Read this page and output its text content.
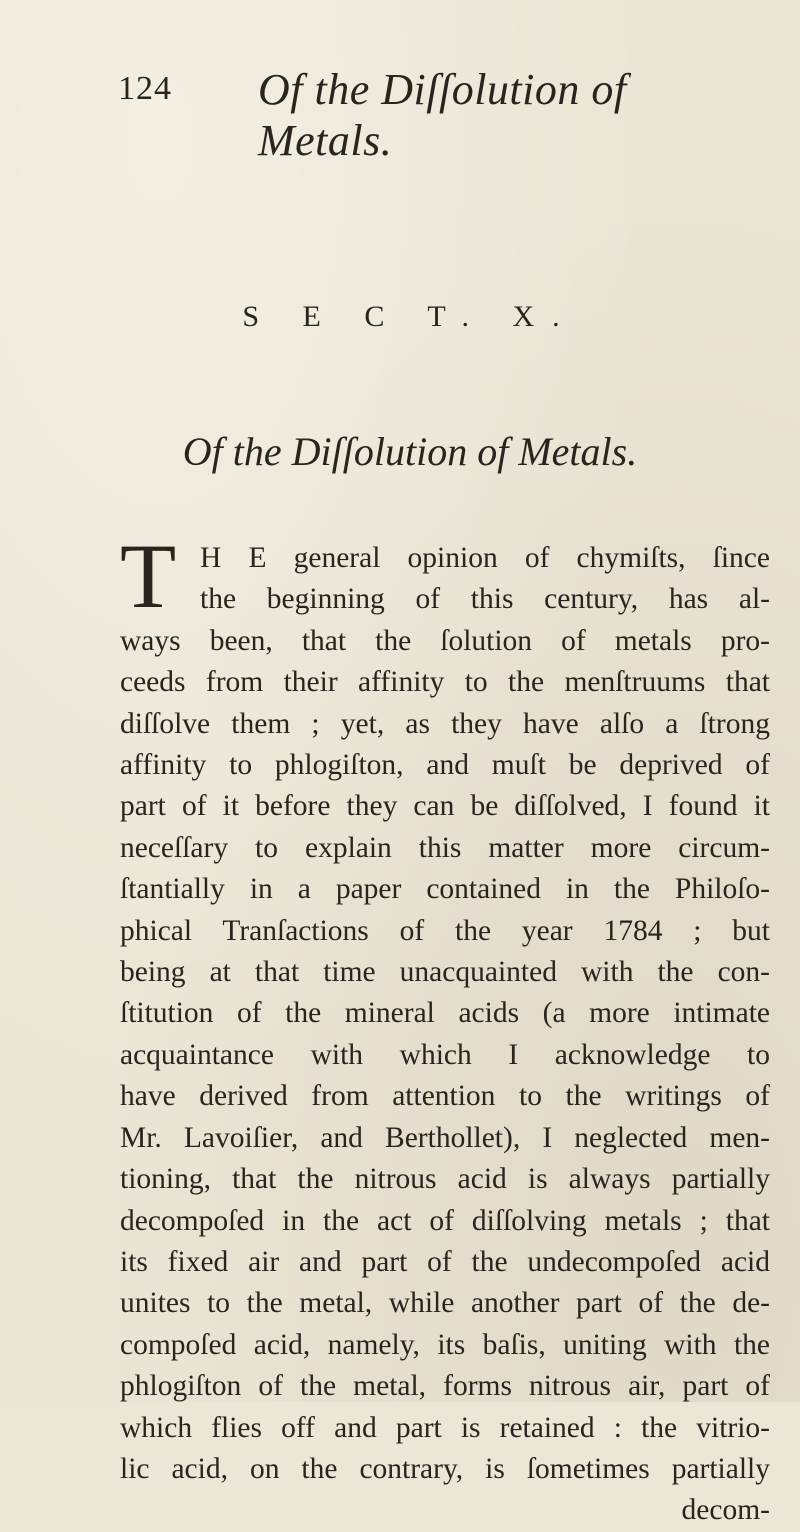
124 Of the Diſſolution of Metals.
S E C T. X.
Of the Diſſolution of Metals.
T H E general opinion of chymiſts, ſince
the beginning of this century, has al-
ways been, that the ſolution of metals pro-
ceeds from their affinity to the menſtruums that
diſſolve them ; yet, as they have alſo a ſtrong
affinity to phlogiſton, and muſt be deprived of
part of it before they can be diſſolved, I found it
neceſſary to explain this matter more circum-
ſtantially in a paper contained in the Philoſo-
phical Tranſactions of the year 1784 ; but
being at that time unacquainted with the con-
ſtitution of the mineral acids (a more intimate
acquaintance with which I acknowledge to
have derived from attention to the writings of
Mr. Lavoiſier, and Berthollet), I neglected men-
tioning, that the nitrous acid is always partially
decompoſed in the act of diſſolving metals ; that
its fixed air and part of the undecompoſed acid
unites to the metal, while another part of the de-
compoſed acid, namely, its baſis, uniting with the
phlogiſton of the metal, forms nitrous air, part of
which flies off and part is retained : the vitrio-
lic acid, on the contrary, is ſometimes partially
decom-
